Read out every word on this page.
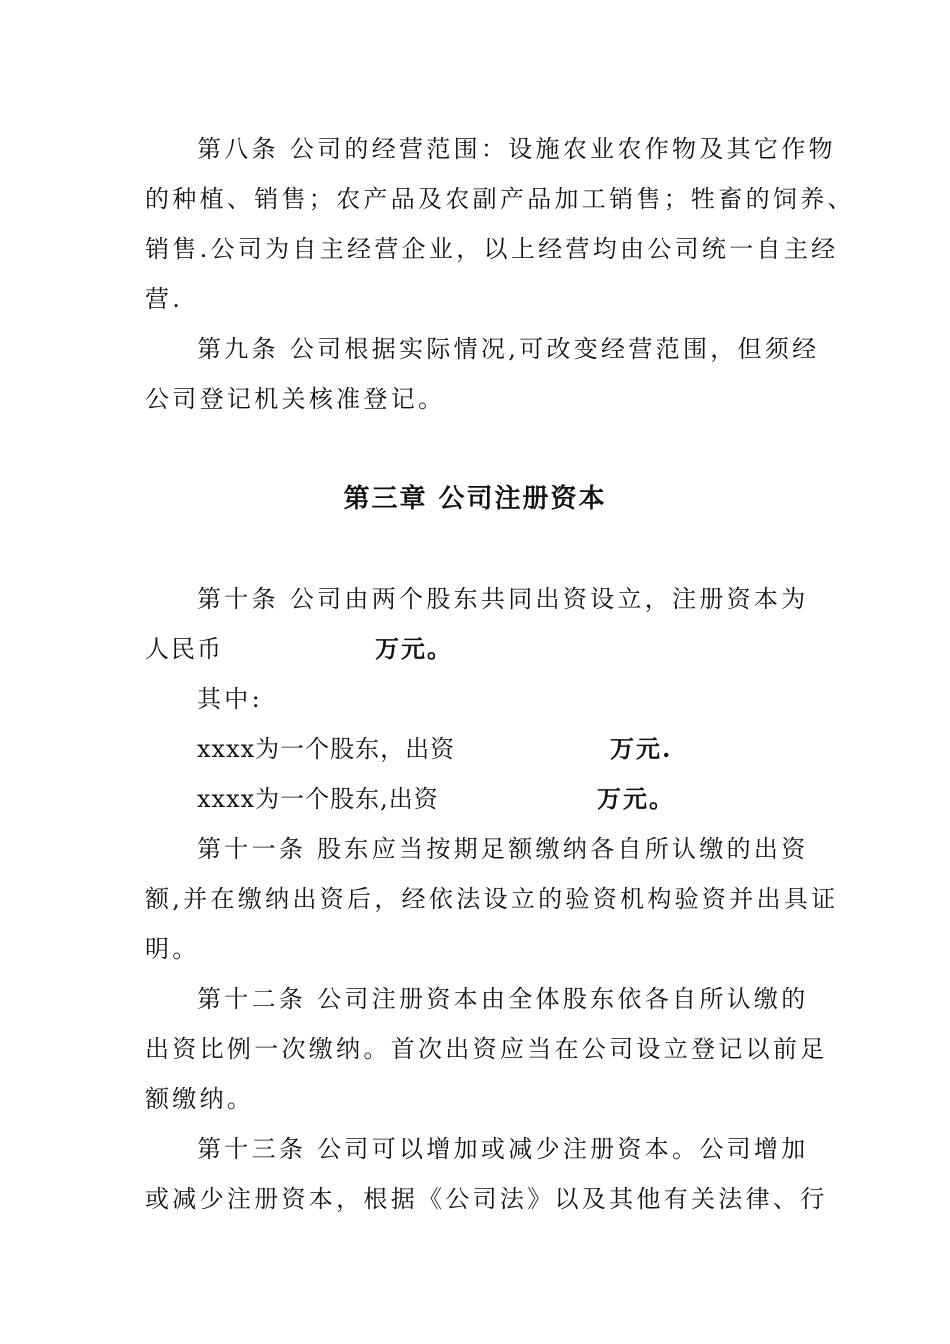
第八条 公司的经营范围：设施农业农作物及其它作物
的种植、销售；农产品及农副产品加工销售；牲畜的饲养、
销售.公司为自主经营企业，以上经营均由公司统一自主经
营.
第九条 公司根据实际情况,可改变经营范围，但须经
公司登记机关核准登记。
第三章 公司注册资本
第十条 公司由两个股东共同出资设立，注册资本为
人民币	万元。
其中:
xxxx为一个股东，出资	万元.
xxxx为一个股东,出资	万元。
第十一条 股东应当按期足额缴纳各自所认缴的出资
额,并在缴纳出资后，经依法设立的验资机构验资并出具证
明。
第十二条 公司注册资本由全体股东依各自所认缴的
出资比例一次缴纳。首次出资应当在公司设立登记以前足
额缴纳。
第十三条 公司可以增加或减少注册资本。公司增加
或减少注册资本，根据《公司法》以及其他有关法律、行
